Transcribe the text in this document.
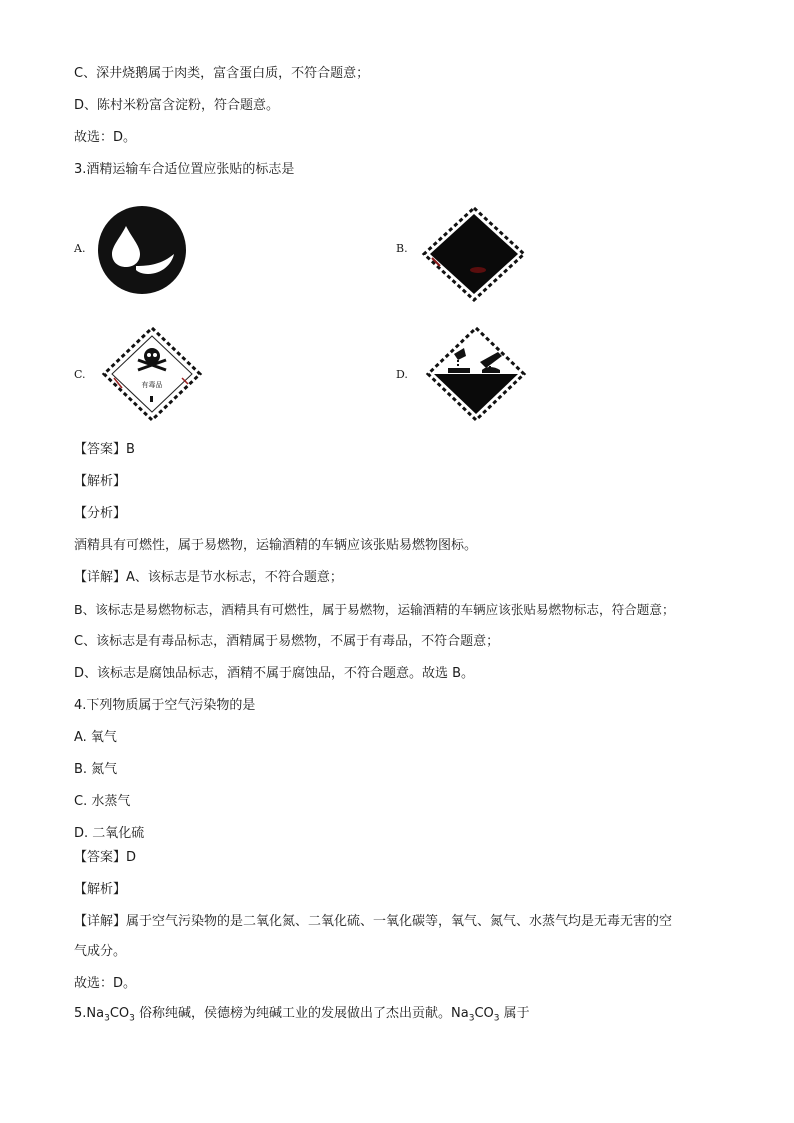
C、深井烧鹅属于肉类，富含蛋白质，不符合题意；
D、陈村米粉富含淀粉，符合题意。
故选：D。
3.酒精运输车合适位置应张贴的标志是
A.	B.
C.
有毒品
D.
【答案】B
【解析】
【分析】
酒精具有可燃性，属于易燃物，运输酒精的车辆应该张贴易燃物图标。
【详解】A、该标志是节水标志，不符合题意；
B、该标志是易燃物标志，酒精具有可燃性，属于易燃物，运输酒精的车辆应该张贴易燃物标志，符合题意；
C、该标志是有毒品标志，酒精属于易燃物，不属于有毒品，不符合题意；
D、该标志是腐蚀品标志，酒精不属于腐蚀品，不符合题意。故选 B。
4.下列物质属于空气污染物的是
A. 氧气
B. 氮气
C. 水蒸气
D. 二氧化硫
【答案】D
【解析】
【详解】属于空气污染物的是二氧化氮、二氧化硫、一氧化碳等，氧气、氮气、水蒸气均是无毒无害的空
气成分。
故选：D。
$5.Na_3CO_3$ 俗称纯碱，侯德榜为纯碱工业的发展做出了杰出贡献。$Na_3CO_3$ 属于
